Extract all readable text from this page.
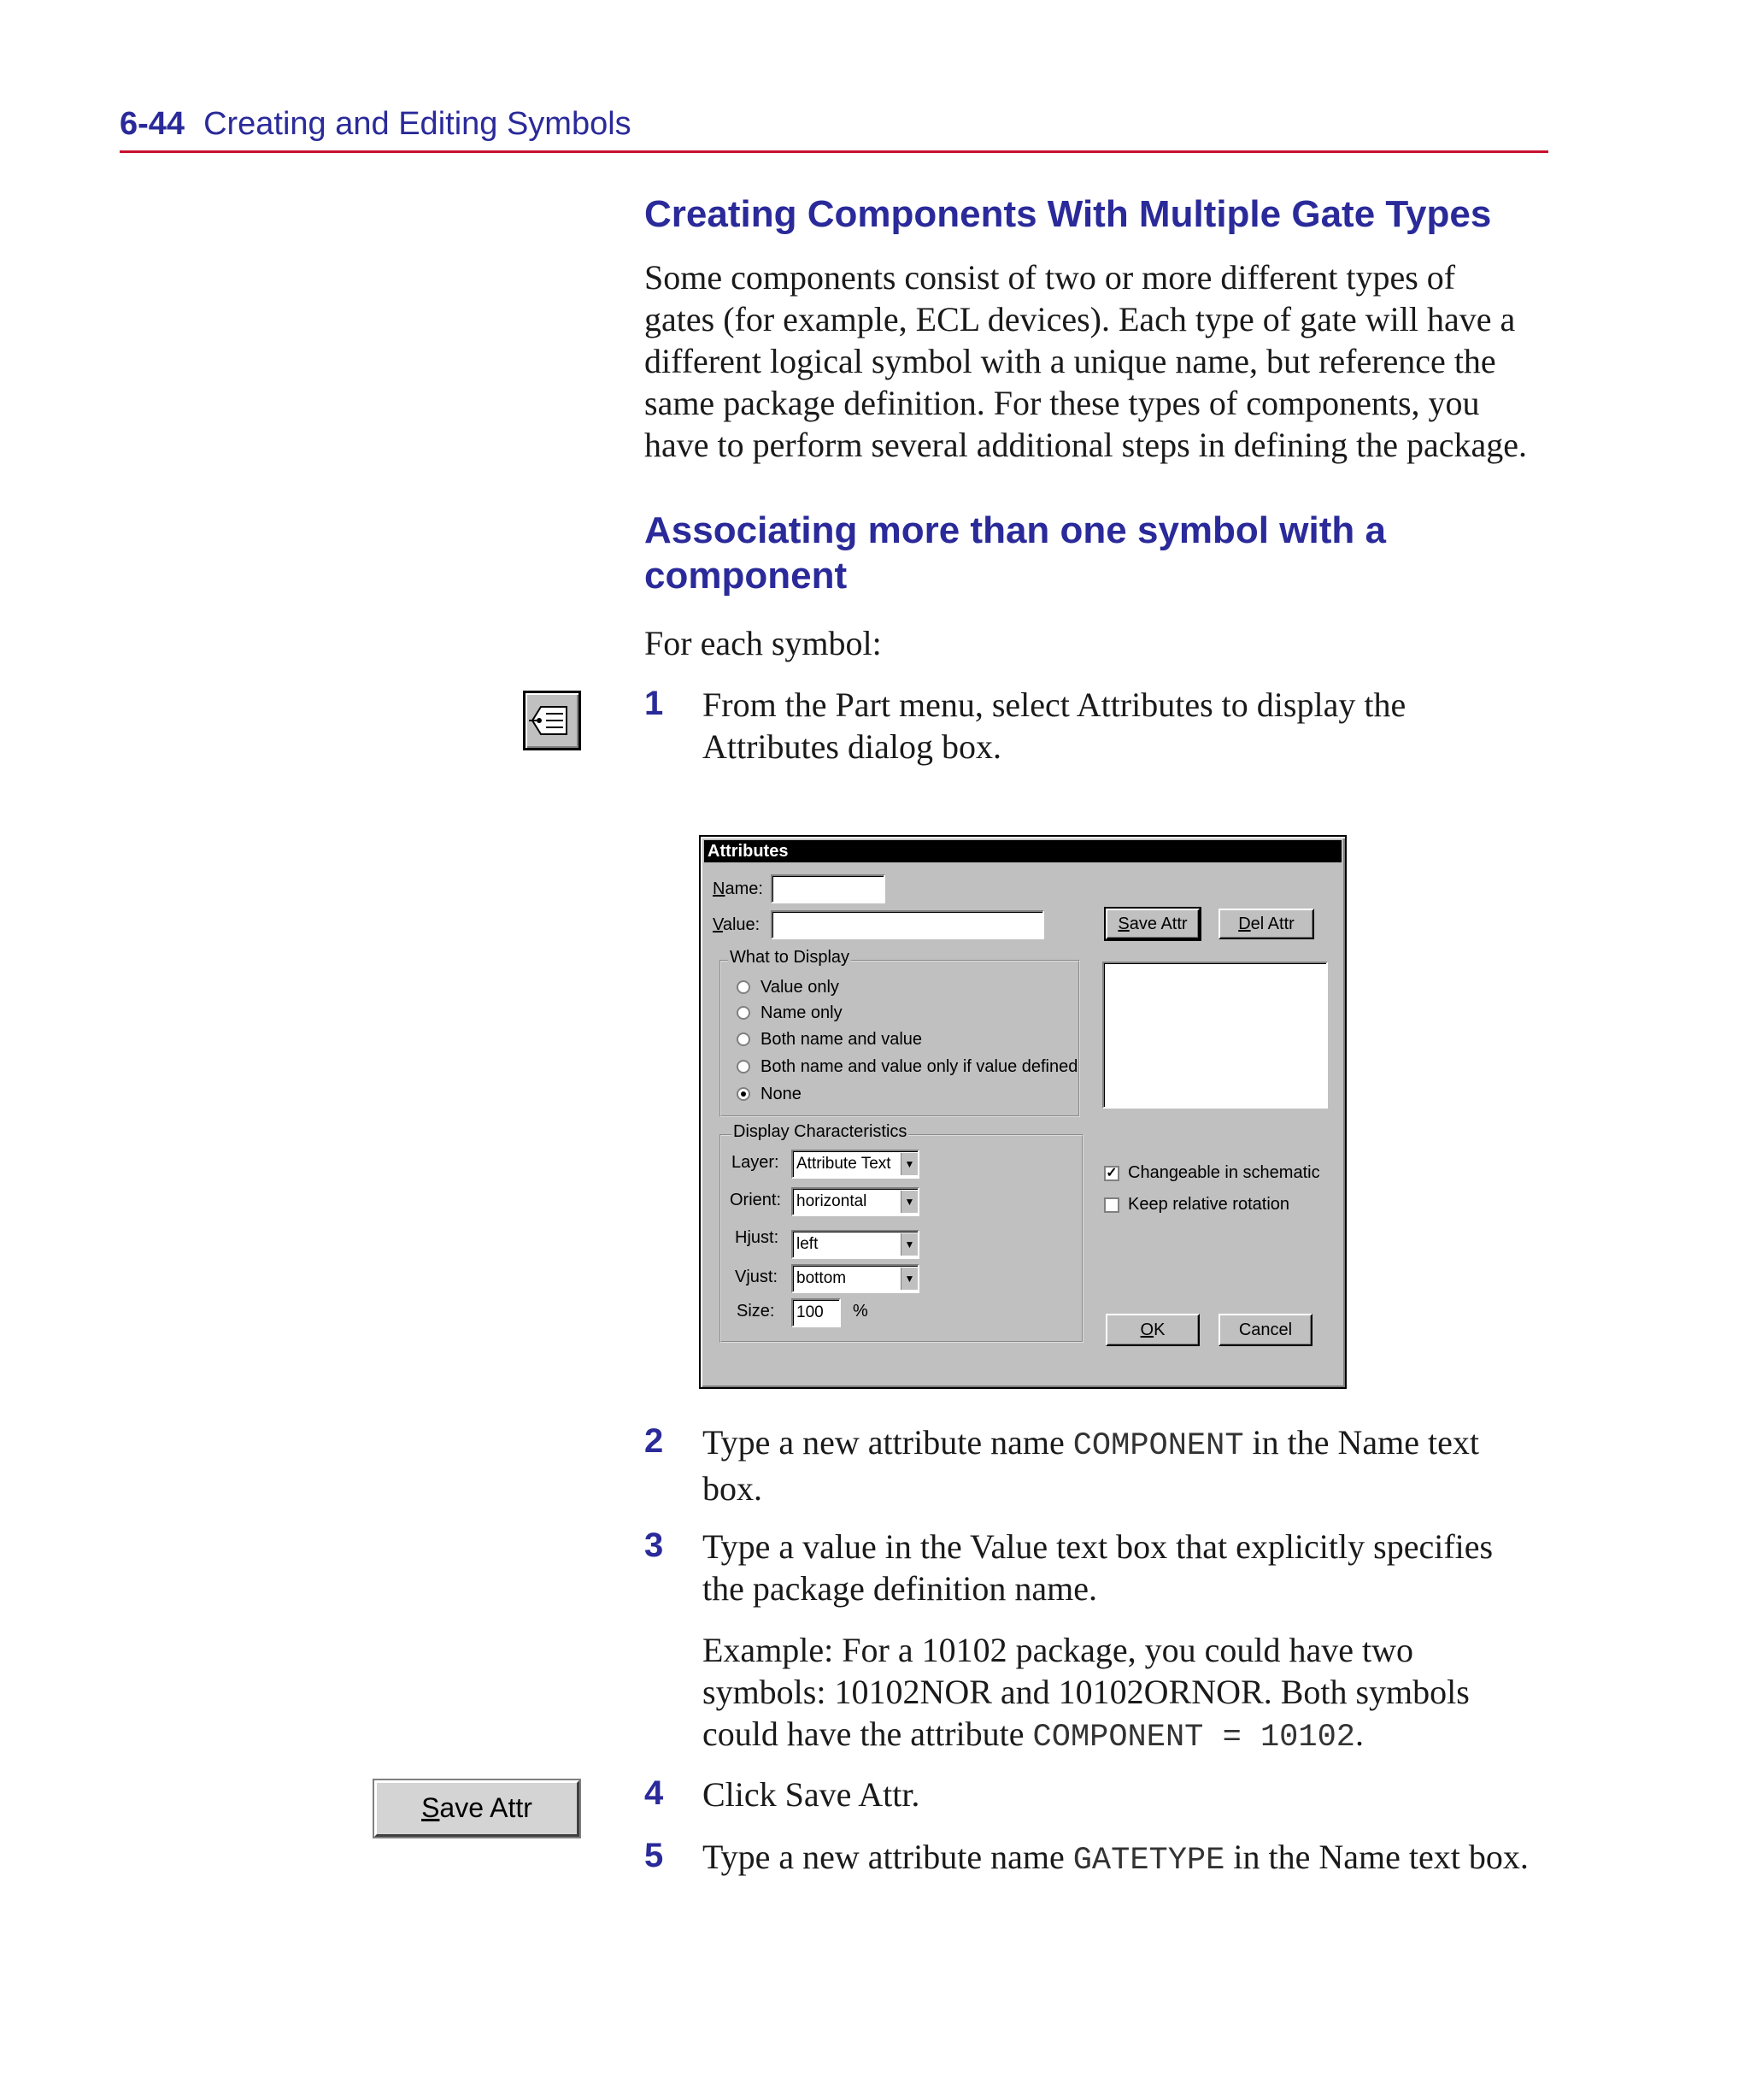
6-44 Creating and Editing Symbols
Creating Components With Multiple Gate Types
Some components consist of two or more different types of
gates (for example, ECL devices). Each type of gate will have a
different logical symbol with a unique name, but reference the
same package definition. For these types of components, you
have to perform several additional steps in defining the package.
Associating more than one symbol with a
component
For each symbol:
1 From the Part menu, select Attributes to display the
Attributes dialog box.
Attributes
Name:
Value:	Save Attr	Del Attr
What to Display
Value only
Name only
Both name and value
Both name and value only if value defined
None
Display Characteristics
Layer:	Attribute Text	▼
Orient: horizontal	▼
Hjust:	left	▼
Vjust:	bottom	▼
Size:	100	%
✓ Changeable in schematic
Keep relative rotation
OK	Cancel
2 Type a new attribute name COMPONENT in the Name text
box.
3 Type a value in the Value text box that explicitly specifies
the package definition name.
Example: For a 10102 package, you could have two
symbols: 10102NOR and 10102ORNOR. Both symbols
could have the attribute COMPONENT = 10102.
Save Attr	4 Click Save Attr.
5 Type a new attribute name GATETYPE in the Name text box.
